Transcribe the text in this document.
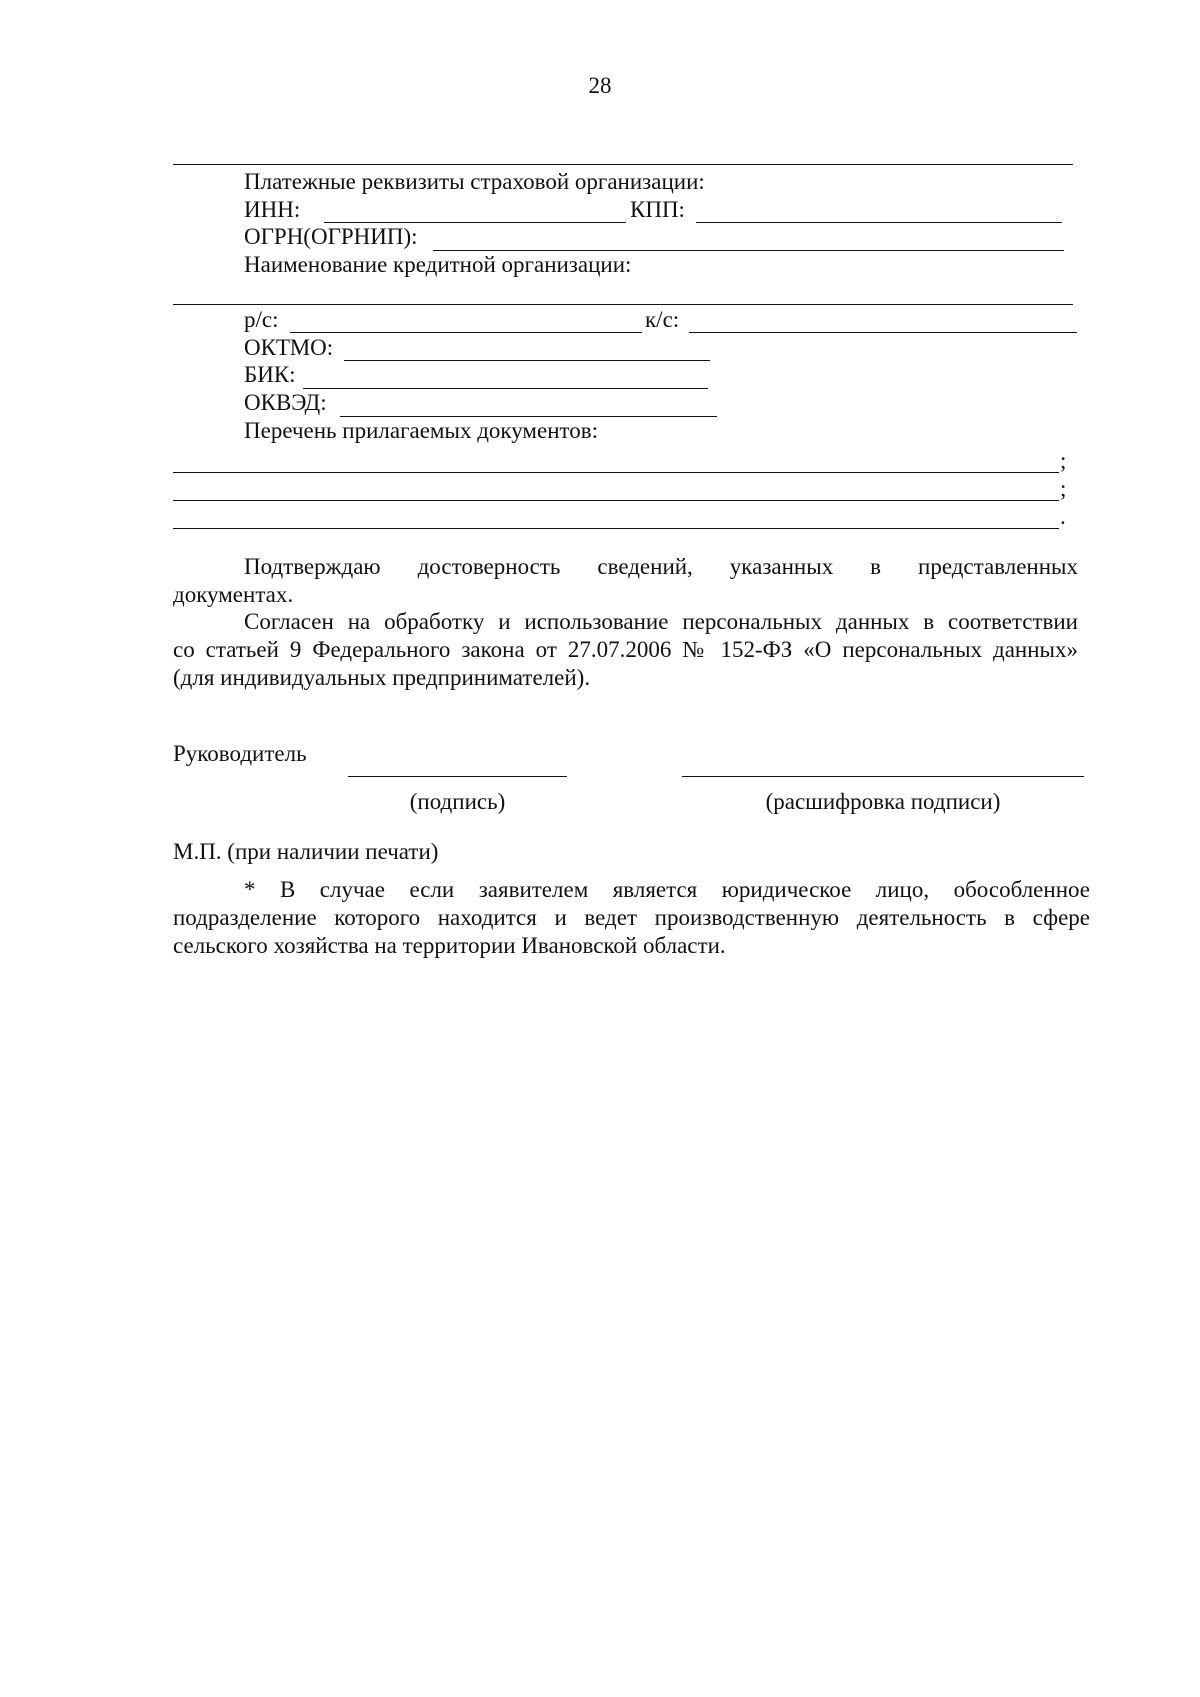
28
Платежные реквизиты страховой организации:
ИНН:	КПП:
ОГРН(ОГРНИП):
Наименование кредитной организации:
р/с:	к/с:
ОКТМО:
БИК:
ОКВЭД:
Перечень прилагаемых документов:
;
;
.
Подтверждаю достоверность сведений, указанных в представленных
документах.
Согласен на обработку и использование персональных данных в соответствии
со статьей 9 Федерального закона от 27.07.2006 № 152-ФЗ «О персональных данных»
(для индивидуальных предпринимателей).
Руководитель
(подпись)	(расшифровка подписи)
М.П. (при наличии печати)
* В случае если заявителем является юридическое лицо, обособленное
подразделение которого находится и ведет производственную деятельность в сфере
сельского хозяйства на территории Ивановской области.
